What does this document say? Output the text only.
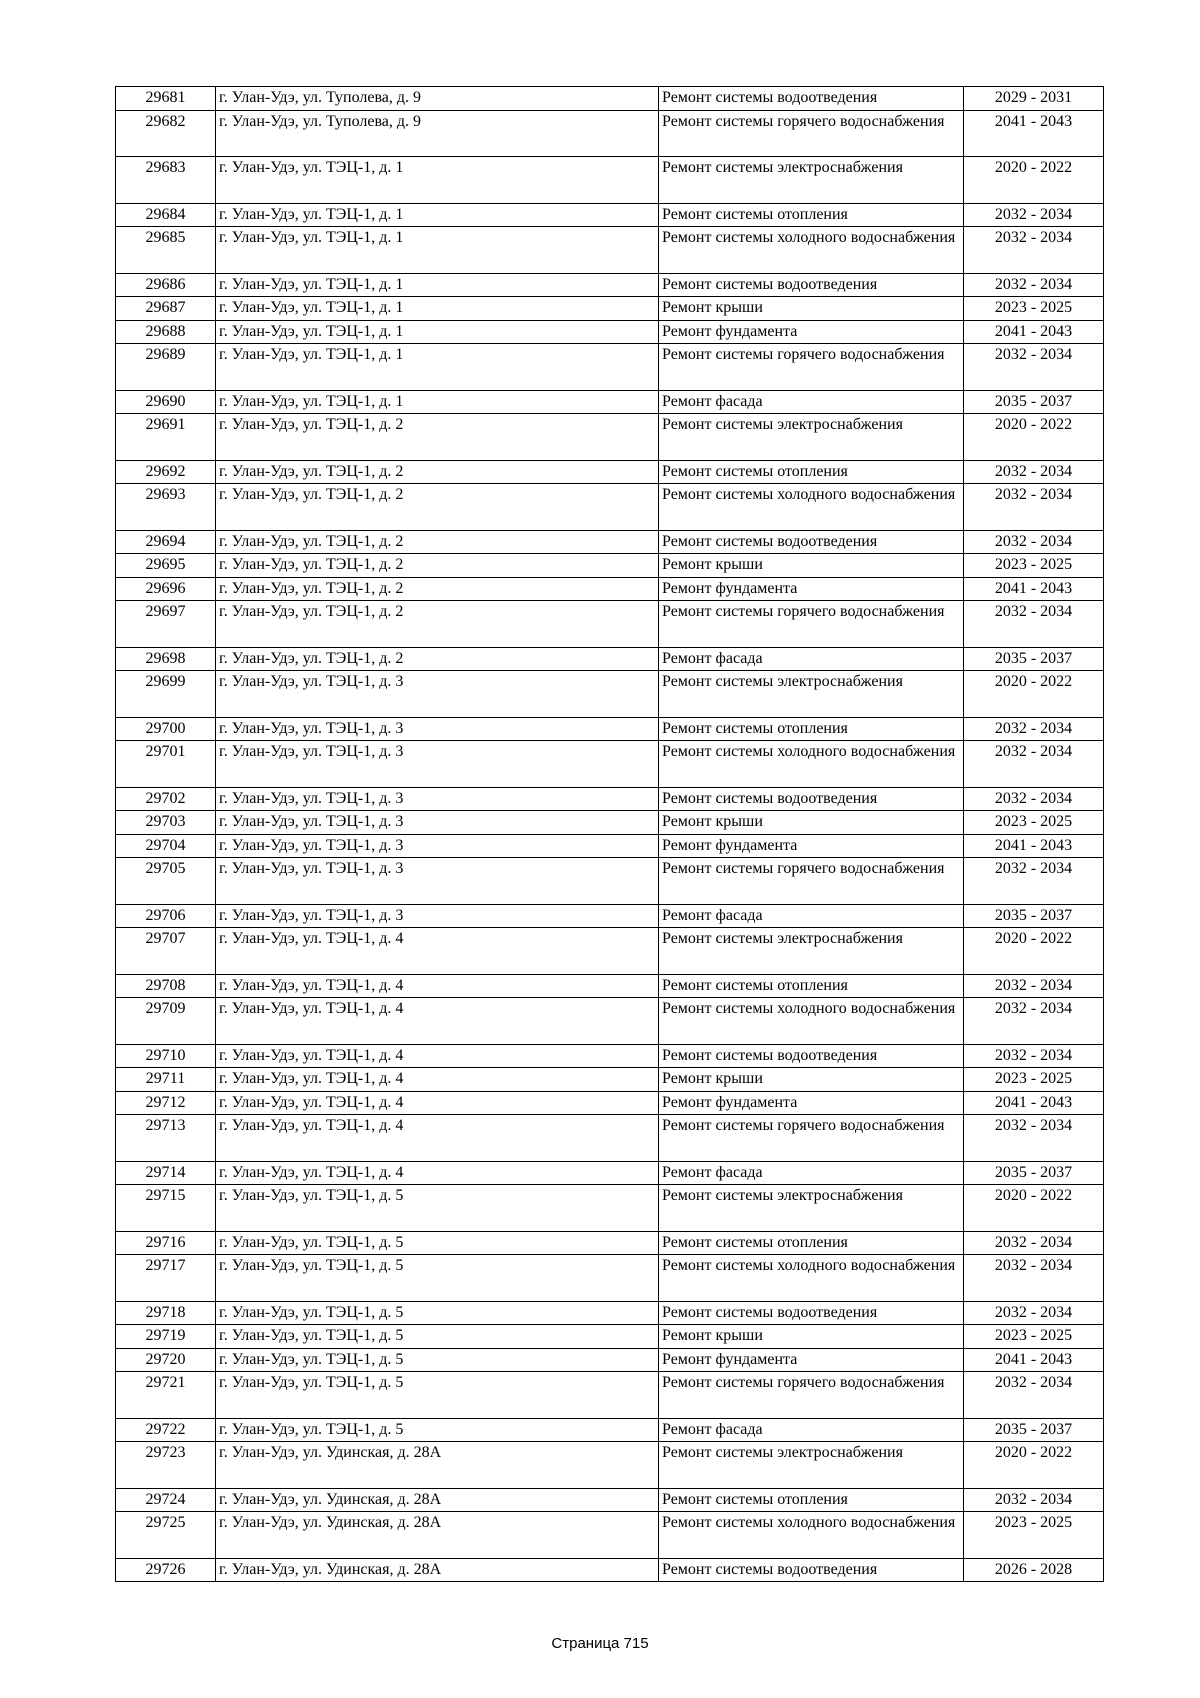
29681	г. Улан-Удэ, ул. Туполева, д. 9	Ремонт системы водоотведения	2029 - 2031
29682	г. Улан-Удэ, ул. Туполева, д. 9	Ремонт системы горячего водоснабжения	2041 - 2043
29683	г. Улан-Удэ, ул. ТЭЦ-1, д. 1	Ремонт системы электроснабжения	2020 - 2022
29684	г. Улан-Удэ, ул. ТЭЦ-1, д. 1	Ремонт системы отопления	2032 - 2034
29685	г. Улан-Удэ, ул. ТЭЦ-1, д. 1	Ремонт системы холодного водоснабжения	2032 - 2034
29686	г. Улан-Удэ, ул. ТЭЦ-1, д. 1	Ремонт системы водоотведения	2032 - 2034
29687	г. Улан-Удэ, ул. ТЭЦ-1, д. 1	Ремонт крыши	2023 - 2025
29688	г. Улан-Удэ, ул. ТЭЦ-1, д. 1	Ремонт фундамента	2041 - 2043
29689	г. Улан-Удэ, ул. ТЭЦ-1, д. 1	Ремонт системы горячего водоснабжения	2032 - 2034
29690	г. Улан-Удэ, ул. ТЭЦ-1, д. 1	Ремонт фасада	2035 - 2037
29691	г. Улан-Удэ, ул. ТЭЦ-1, д. 2	Ремонт системы электроснабжения	2020 - 2022
29692	г. Улан-Удэ, ул. ТЭЦ-1, д. 2	Ремонт системы отопления	2032 - 2034
29693	г. Улан-Удэ, ул. ТЭЦ-1, д. 2	Ремонт системы холодного водоснабжения	2032 - 2034
29694	г. Улан-Удэ, ул. ТЭЦ-1, д. 2	Ремонт системы водоотведения	2032 - 2034
29695	г. Улан-Удэ, ул. ТЭЦ-1, д. 2	Ремонт крыши	2023 - 2025
29696	г. Улан-Удэ, ул. ТЭЦ-1, д. 2	Ремонт фундамента	2041 - 2043
29697	г. Улан-Удэ, ул. ТЭЦ-1, д. 2	Ремонт системы горячего водоснабжения	2032 - 2034
29698	г. Улан-Удэ, ул. ТЭЦ-1, д. 2	Ремонт фасада	2035 - 2037
29699	г. Улан-Удэ, ул. ТЭЦ-1, д. 3	Ремонт системы электроснабжения	2020 - 2022
29700	г. Улан-Удэ, ул. ТЭЦ-1, д. 3	Ремонт системы отопления	2032 - 2034
29701	г. Улан-Удэ, ул. ТЭЦ-1, д. 3	Ремонт системы холодного водоснабжения	2032 - 2034
29702	г. Улан-Удэ, ул. ТЭЦ-1, д. 3	Ремонт системы водоотведения	2032 - 2034
29703	г. Улан-Удэ, ул. ТЭЦ-1, д. 3	Ремонт крыши	2023 - 2025
29704	г. Улан-Удэ, ул. ТЭЦ-1, д. 3	Ремонт фундамента	2041 - 2043
29705	г. Улан-Удэ, ул. ТЭЦ-1, д. 3	Ремонт системы горячего водоснабжения	2032 - 2034
29706	г. Улан-Удэ, ул. ТЭЦ-1, д. 3	Ремонт фасада	2035 - 2037
29707	г. Улан-Удэ, ул. ТЭЦ-1, д. 4	Ремонт системы электроснабжения	2020 - 2022
29708	г. Улан-Удэ, ул. ТЭЦ-1, д. 4	Ремонт системы отопления	2032 - 2034
29709	г. Улан-Удэ, ул. ТЭЦ-1, д. 4	Ремонт системы холодного водоснабжения	2032 - 2034
29710	г. Улан-Удэ, ул. ТЭЦ-1, д. 4	Ремонт системы водоотведения	2032 - 2034
29711	г. Улан-Удэ, ул. ТЭЦ-1, д. 4	Ремонт крыши	2023 - 2025
29712	г. Улан-Удэ, ул. ТЭЦ-1, д. 4	Ремонт фундамента	2041 - 2043
29713	г. Улан-Удэ, ул. ТЭЦ-1, д. 4	Ремонт системы горячего водоснабжения	2032 - 2034
29714	г. Улан-Удэ, ул. ТЭЦ-1, д. 4	Ремонт фасада	2035 - 2037
29715	г. Улан-Удэ, ул. ТЭЦ-1, д. 5	Ремонт системы электроснабжения	2020 - 2022
29716	г. Улан-Удэ, ул. ТЭЦ-1, д. 5	Ремонт системы отопления	2032 - 2034
29717	г. Улан-Удэ, ул. ТЭЦ-1, д. 5	Ремонт системы холодного водоснабжения	2032 - 2034
29718	г. Улан-Удэ, ул. ТЭЦ-1, д. 5	Ремонт системы водоотведения	2032 - 2034
29719	г. Улан-Удэ, ул. ТЭЦ-1, д. 5	Ремонт крыши	2023 - 2025
29720	г. Улан-Удэ, ул. ТЭЦ-1, д. 5	Ремонт фундамента	2041 - 2043
29721	г. Улан-Удэ, ул. ТЭЦ-1, д. 5	Ремонт системы горячего водоснабжения	2032 - 2034
29722	г. Улан-Удэ, ул. ТЭЦ-1, д. 5	Ремонт фасада	2035 - 2037
29723	г. Улан-Удэ, ул. Удинская, д. 28А	Ремонт системы электроснабжения	2020 - 2022
29724	г. Улан-Удэ, ул. Удинская, д. 28А	Ремонт системы отопления	2032 - 2034
29725	г. Улан-Удэ, ул. Удинская, д. 28А	Ремонт системы холодного водоснабжения	2023 - 2025
29726	г. Улан-Удэ, ул. Удинская, д. 28А	Ремонт системы водоотведения	2026 - 2028
Страница 715
